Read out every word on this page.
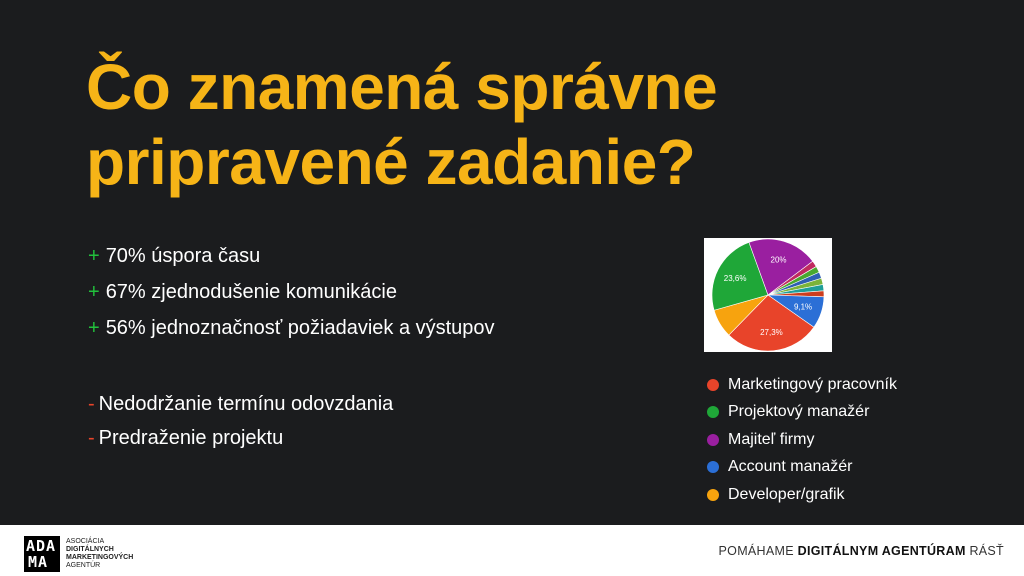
Čo znamená správne pripravené zadanie?
+ 70% úspora času
+ 67% zjednodušenie komunikácie
+ 56% jednoznačnosť požiadaviek a výstupov
- Nedodržanie termínu odovzdania
- Predraženie projektu
27,3%
23,6%
20%
9,1%
Marketingový pracovník
Projektový manažér
Majiteľ firmy
Account manažér
Developer/grafik
ADA
MA
ASOCIÁCIA
DIGITÁLNYCH
MARKETINGOVÝCH
AGENTÚR
POMÁHAME DIGITÁLNYM AGENTÚRAM RÁSŤ
